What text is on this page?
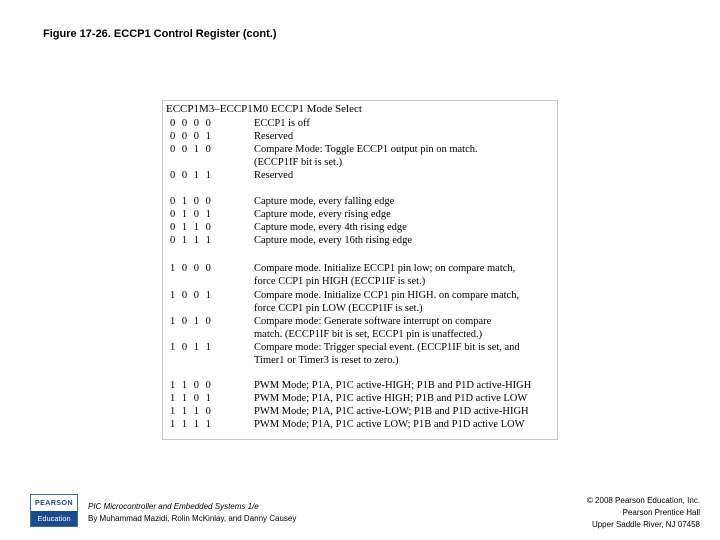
Figure 17-26. ECCP1 Control Register (cont.)
ECCP1M3–ECCP1M0 ECCP1 Mode Select
0 0 0 0	ECCP1 is off
0 0 0 1	Reserved
0 0 1 0	Compare Mode: Toggle ECCP1 output pin on match.
(ECCP1IF bit is set.)
0 0 1 1	Reserved
0 1 0 0	Capture mode, every falling edge
0 1 0 1	Capture mode, every rising edge
0 1 1 0	Capture mode, every 4th rising edge
0 1 1 1	Capture mode, every 16th rising edge
1 0 0 0	Compare mode. Initialize ECCP1 pin low; on compare match,
force CCP1 pin HIGH (ECCP1IF is set.)
1 0 0 1	Compare mode. Initialize CCP1 pin HIGH. on compare match,
force CCP1 pin LOW (ECCP1IF is set.)
1 0 1 0	Compare mode: Generate software interrupt on compare
match. (ECCP1IF bit is set, ECCP1 pin is unaffected.)
1 0 1 1	Compare mode: Trigger special event. (ECCP1IF bit is set, and
Timer1 or Timer3 is reset to zero.)
1 1 0 0	PWM Mode; P1A, P1C active-HIGH; P1B and P1D active-HIGH
1 1 0 1	PWM Mode; P1A, P1C active HIGH; P1B and P1D active LOW
1 1 1 0	PWM Mode; P1A, P1C active-LOW; P1B and P1D active-HIGH
1 1 1 1	PWM Mode; P1A, P1C active LOW; P1B and P1D active LOW
PEARSON
Education
PIC Microcontroller and Embedded Systems 1/e
By Muhammad Mazidi, Rolin McKinlay, and Danny Causey
© 2008 Pearson Education, Inc.
Pearson Prentice Hall
Upper Saddle River, NJ 07458
